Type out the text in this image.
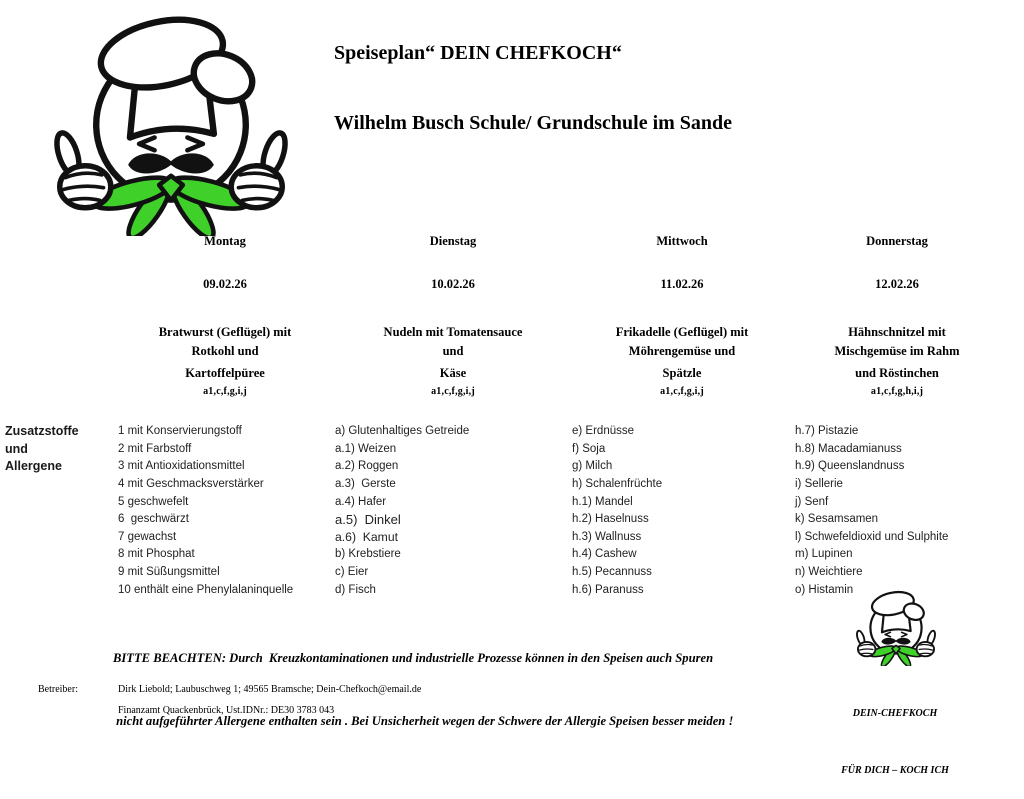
Speiseplan“ DEIN CHEFKOCH“
Wilhelm Busch Schule/ Grundschule im Sande
Montag
09.02.26
Bratwurst (Geflügel) mit
Rotkohl und
Kartoffelpüree
a1,c,f,g,i,j
Dienstag
10.02.26
Nudeln mit Tomatensauce
und
Käse
a1,c,f,g,i,j
Mittwoch
11.02.26
Frikadelle (Geflügel) mit
Möhrengemüse und
Spätzle
a1,c,f,g,i,j
Donnerstag
12.02.26
Hähnschnitzel mit
Mischgemüse im Rahm
und Röstinchen
a1,c,f,g,h,i,j
Zusatzstoffe
und
Allergene
1 mit Konservierungstoff
2 mit Farbstoff
3 mit Antioxidationsmittel
4 mit Geschmacksverstärker
5 geschwefelt
6  geschwärzt
7 gewachst
8 mit Phosphat
9 mit Süßungsmittel
10 enthält eine Phenylalaninquelle
a) Glutenhaltiges Getreide
a.1) Weizen
a.2) Roggen
a.3)  Gerste
a.4) Hafer
a.5)  Dinkel
a.6)  Kamut
b) Krebstiere
c) Eier
d) Fisch
e) Erdnüsse
f) Soja
g) Milch
h) Schalenfrüchte
h.1) Mandel
h.2) Haselnuss
h.3) Wallnuss
h.4) Cashew
h.5) Pecannuss
h.6) Paranuss
h.7) Pistazie
h.8) Macadamianuss
h.9) Queenslandnuss
i) Sellerie
j) Senf
k) Sesamsamen
l) Schwefeldioxid und Sulphite
m) Lupinen
n) Weichtiere
o) Histamin

BITTE BEACHTEN: Durch  Kreuzkontaminationen und industrielle Prozesse können in den Speisen auch Spuren

nicht aufgeführter Allergene enthalten sein . Bei Unsicherheit wegen der Schwere der Allergie Speisen besser meiden !

DEIN-CHEFKOCH

FÜR DICH – KOCH ICH

Betreiber:	Dirk Liebold; Laubuschweg 1; 49565 Bramsche; Dein-Chefkoch@email.de
Finanzamt Quackenbrück, Ust.IDNr.: DE30 3783 043
